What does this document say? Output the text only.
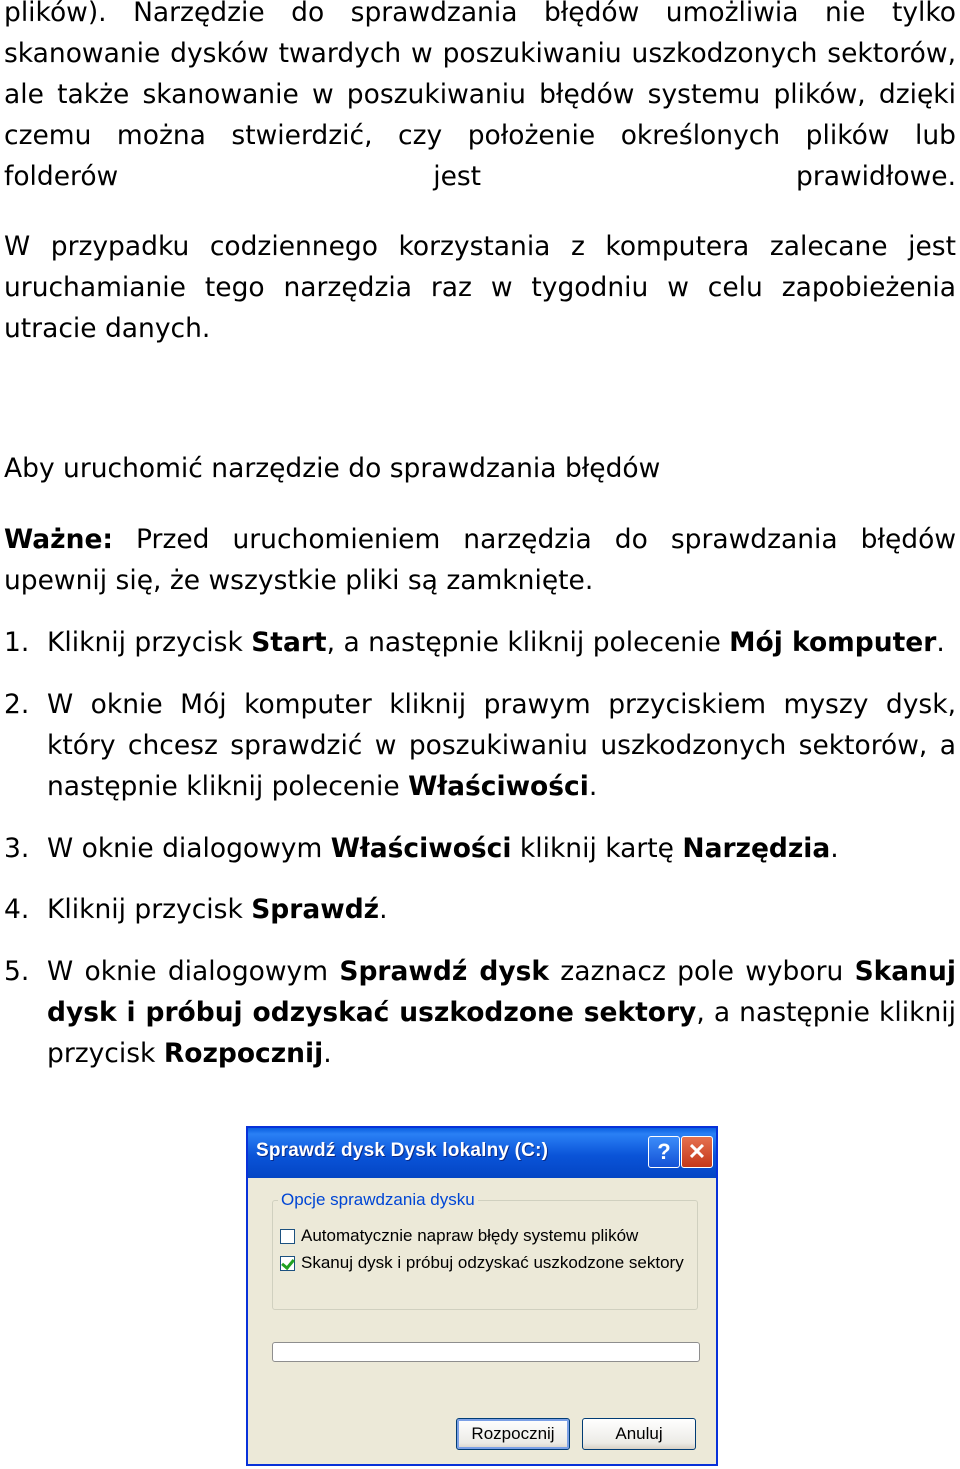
plików). Narzędzie do sprawdzania błędów umożliwia nie tylko skanowanie dysków twardych w poszukiwaniu uszkodzonych sektorów, ale także skanowanie w poszukiwaniu błędów systemu plików, dzięki czemu można stwierdzić, czy położenie określonych plików lub folderów jest prawidłowe.

W przypadku codziennego korzystania z komputera zalecane jest uruchamianie tego narzędzia raz w tygodniu w celu zapobieżenia utracie danych.

Aby uruchomić narzędzie do sprawdzania błędów

Ważne: Przed uruchomieniem narzędzia do sprawdzania błędów upewnij się, że wszystkie pliki są zamknięte.

1. Kliknij przycisk Start, a następnie kliknij polecenie Mój komputer.
2. W oknie Mój komputer kliknij prawym przyciskiem myszy dysk, który chcesz sprawdzić w poszukiwaniu uszkodzonych sektorów, a następnie kliknij polecenie Właściwości.
3. W oknie dialogowym Właściwości kliknij kartę Narzędzia.
4. Kliknij przycisk Sprawdź.
5. W oknie dialogowym Sprawdź dysk zaznacz pole wyboru Skanuj dysk i próbuj odzyskać uszkodzone sektory, a następnie kliknij przycisk Rozpocznij.
Sprawdź dysk Dysk lokalny (C:)	? ✕
Opcje sprawdzania dysku
Automatycznie napraw błędy systemu plików
Skanuj dysk i próbuj odzyskać uszkodzone sektory
Rozpocznij	Anuluj
